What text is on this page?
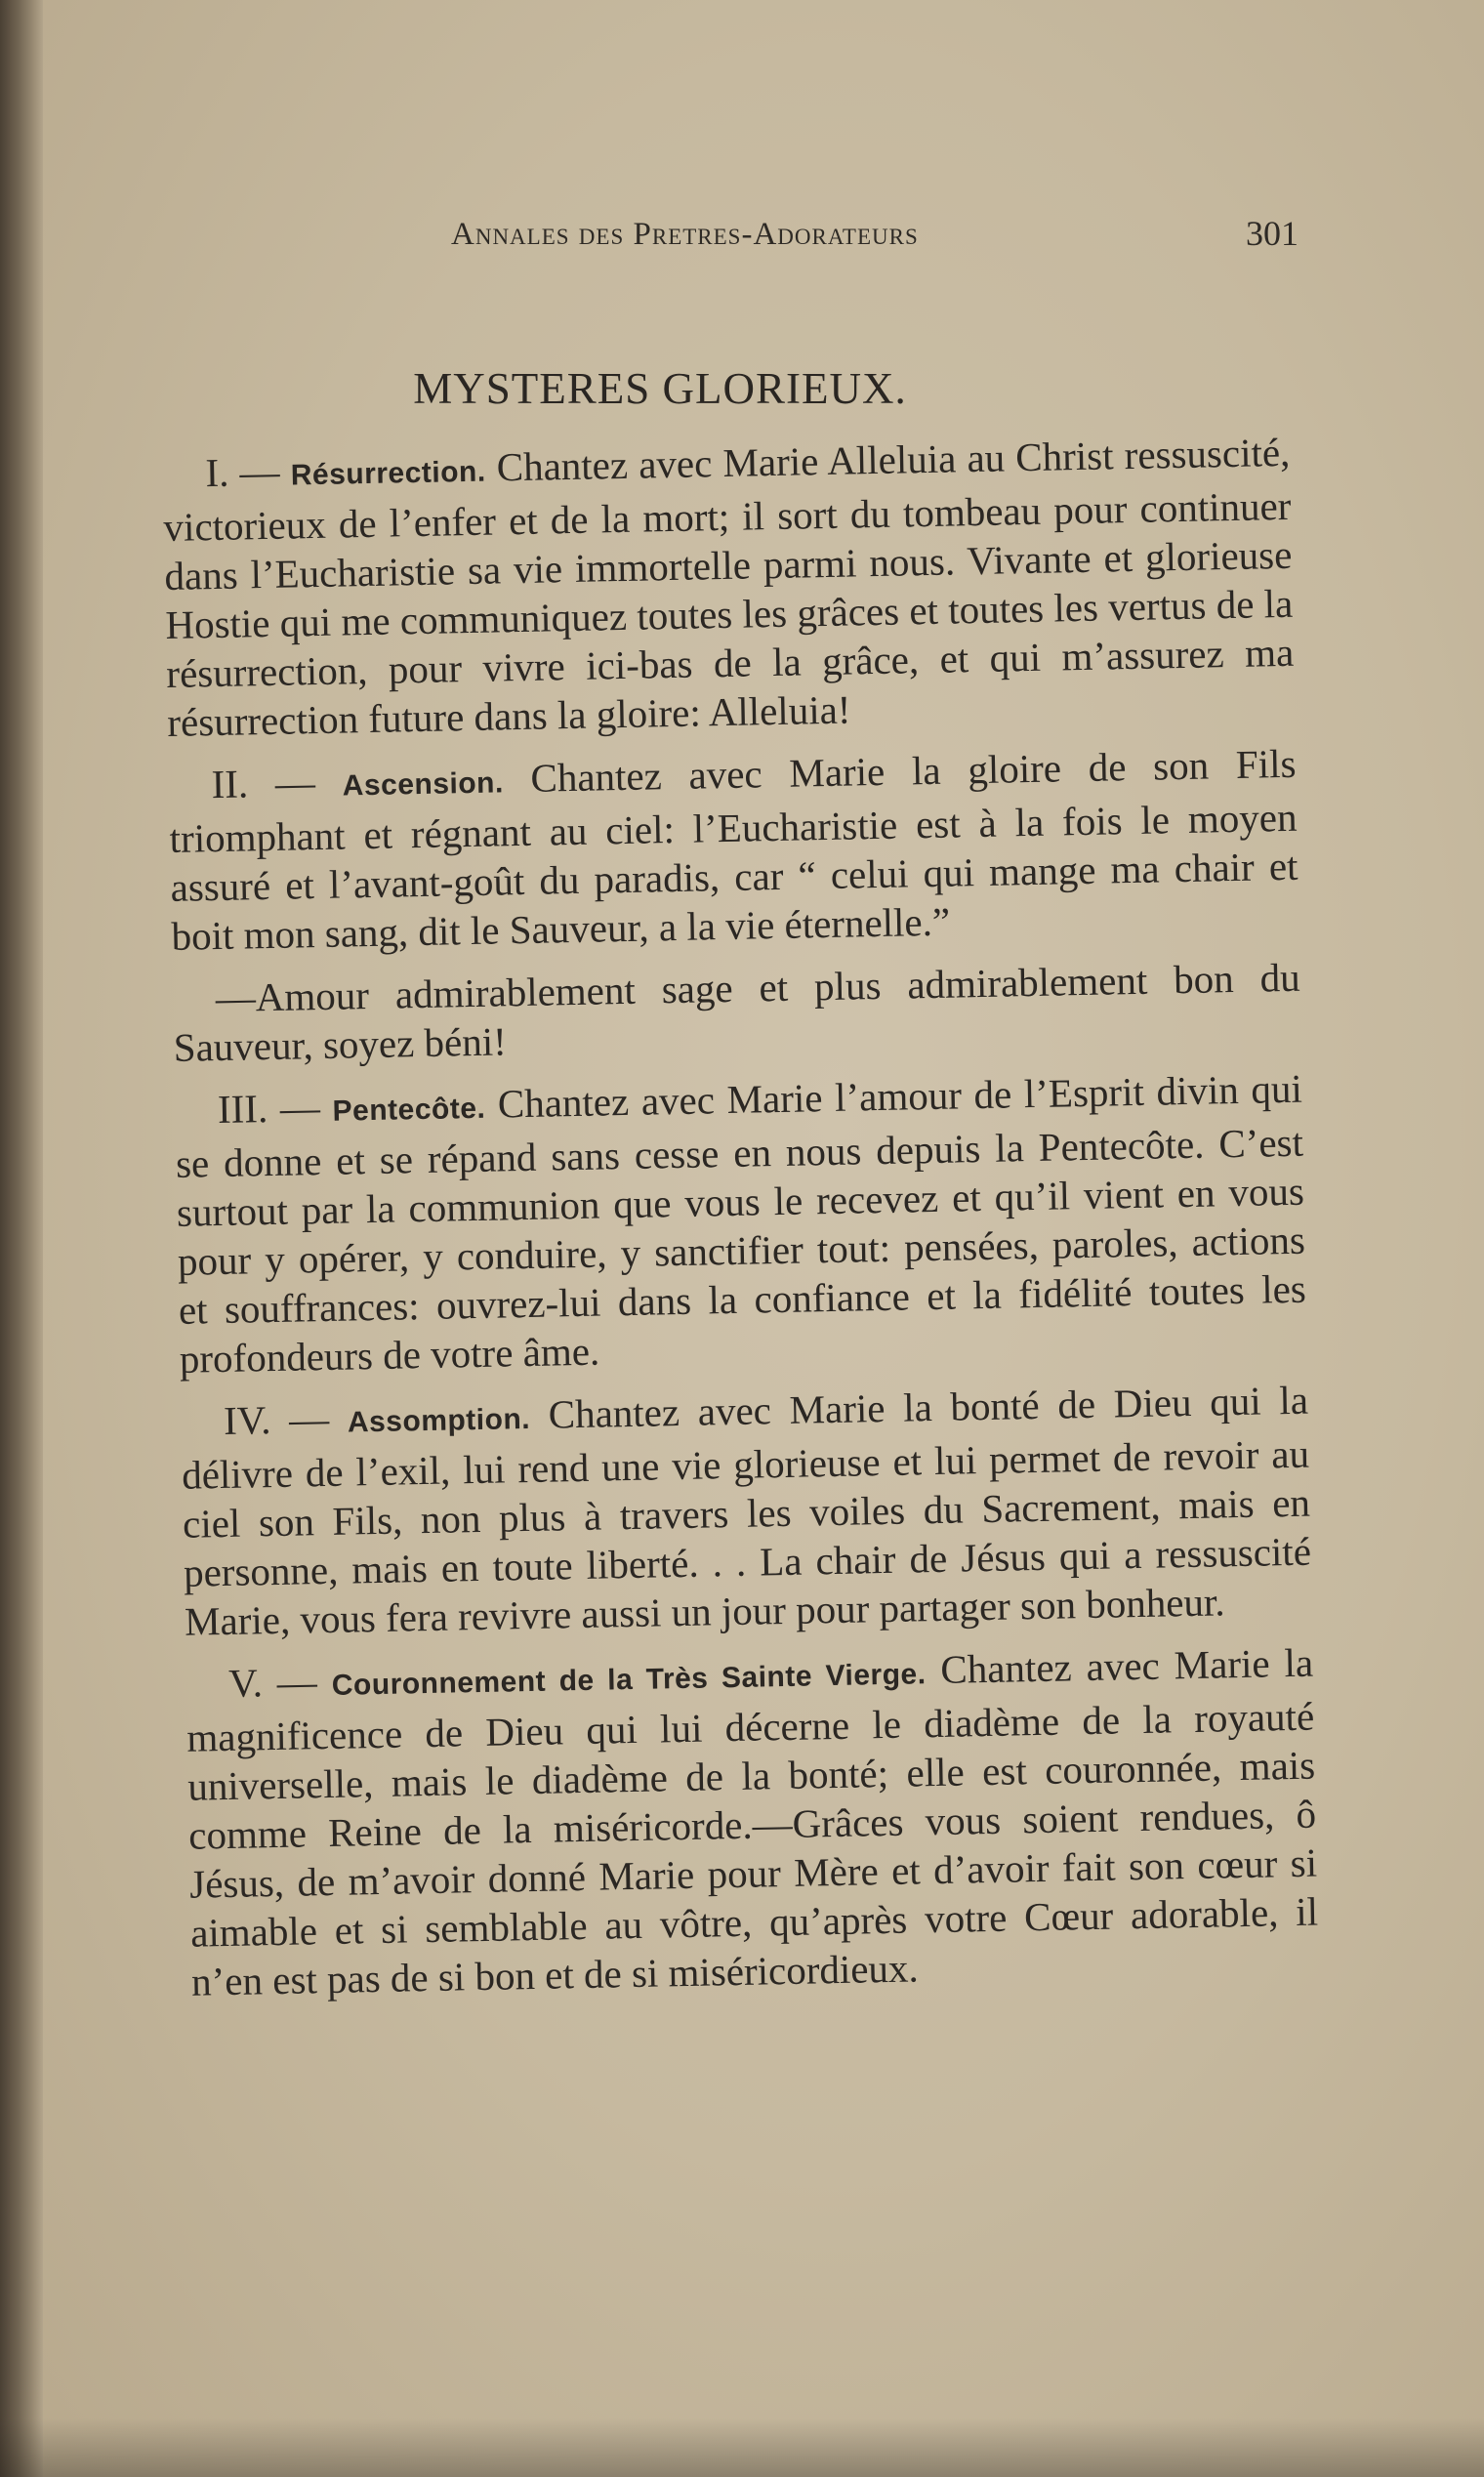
Annales des Pretres-Adorateurs	301
MYSTERES GLORIEUX.

I. — Résurrection. Chantez avec Marie Alleluia au Christ ressuscité, victorieux de l’enfer et de la mort; il sort du tombeau pour continuer dans l’Eucharistie sa vie immortelle parmi nous. Vivante et glorieuse Hostie qui me communiquez toutes les grâces et toutes les vertus de la résurrection, pour vivre ici-bas de la grâce, et qui m’assurez ma résurrection future dans la gloire: Alleluia!

II. — Ascension. Chantez avec Marie la gloire de son Fils triomphant et régnant au ciel: l’Eucharistie est à la fois le moyen assuré et l’avant-goût du paradis, car “ celui qui mange ma chair et boit mon sang, dit le Sauveur, a la vie éternelle.”

—Amour admirablement sage et plus admirablement bon du Sauveur, soyez béni!

III. — Pentecôte. Chantez avec Marie l’amour de l’Esprit divin qui se donne et se répand sans cesse en nous depuis la Pentecôte. C’est surtout par la communion que vous le recevez et qu’il vient en vous pour y opérer, y conduire, y sanctifier tout: pensées, paroles, actions et souffrances: ouvrez-lui dans la confiance et la fidélité toutes les profondeurs de votre âme.

IV. — Assomption. Chantez avec Marie la bonté de Dieu qui la délivre de l’exil, lui rend une vie glorieuse et lui permet de revoir au ciel son Fils, non plus à travers les voiles du Sacrement, mais en personne, mais en toute liberté. . . La chair de Jésus qui a ressuscité Marie, vous fera revivre aussi un jour pour partager son bonheur.

V. — Couronnement de la Très Sainte Vierge. Chantez avec Marie la magnificence de Dieu qui lui décerne le diadème de la royauté universelle, mais le diadème de la bonté; elle est couronnée, mais comme Reine de la miséricorde.—Grâces vous soient rendues, ô Jésus, de m’avoir donné Marie pour Mère et d’avoir fait son cœur si aimable et si semblable au vôtre, qu’après votre Cœur adorable, il n’en est pas de si bon et de si miséricordieux.
